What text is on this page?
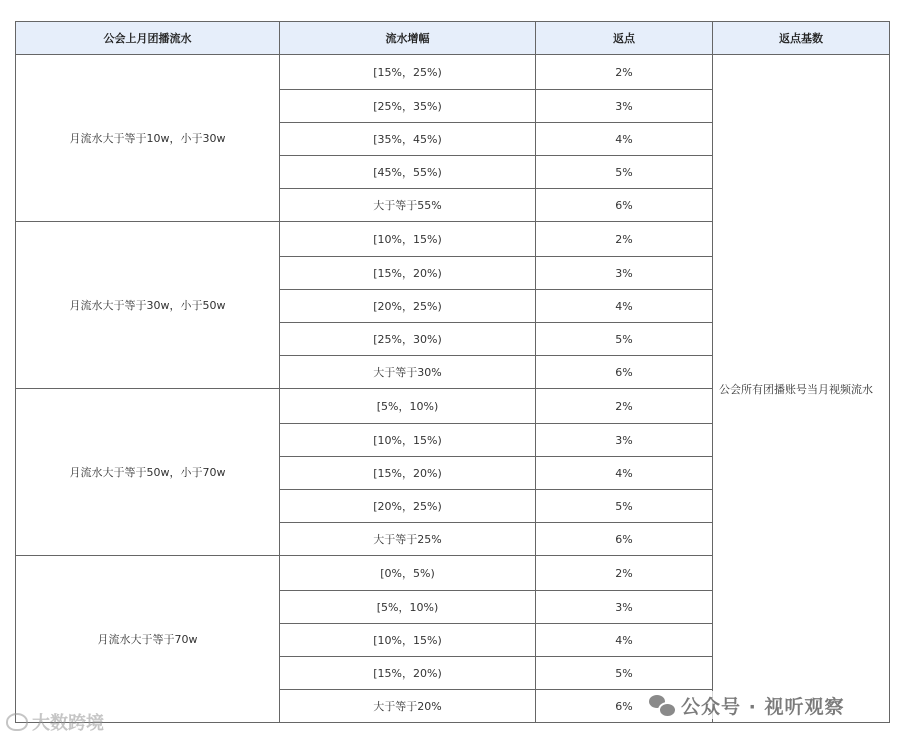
公会上月团播流水	流水增幅	返点	返点基数
月流水大于等于10w，小于30w	[15%，25%)	2%	公会所有团播账号当月视频流水
	[25%，35%)	3%	
	[35%，45%)	4%	
	[45%，55%)	5%	
	大于等于55%	6%	
月流水大于等于30w，小于50w	[10%，15%)	2%	
	[15%，20%)	3%	
	[20%，25%)	4%	
	[25%，30%)	5%	
	大于等于30%	6%	
月流水大于等于50w，小于70w	[5%，10%)	2%	
	[10%，15%)	3%	
	[15%，20%)	4%	
	[20%，25%)	5%	
	大于等于25%	6%	
月流水大于等于70w	[0%，5%)	2%	
	[5%，10%)	3%	
	[10%，15%)	4%	
	[15%，20%)	5%	
	大于等于20%	6%		公众号 · 视听观察
大数跨境
